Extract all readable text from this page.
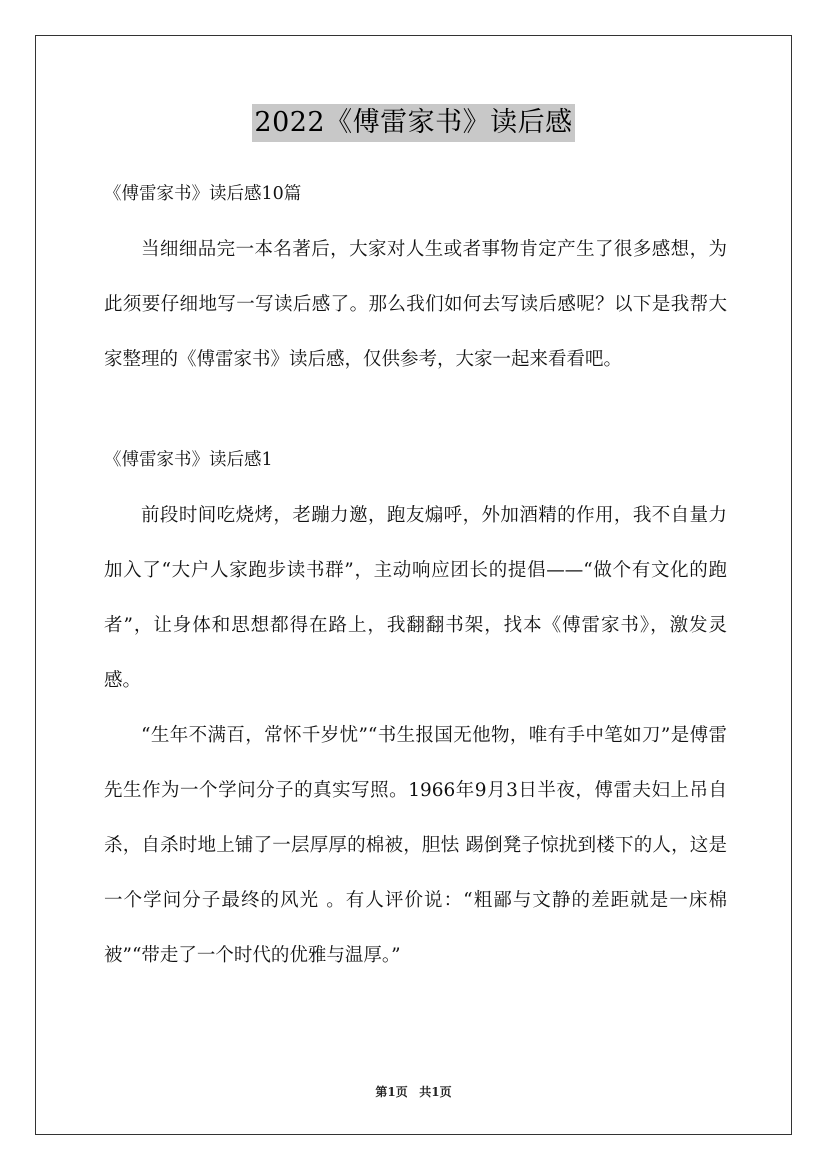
2022《傅雷家书》读后感

《傅雷家书》读后感10篇

当细细品完一本名著后，大家对人生或者事物肯定产生了很多感想，为此须要仔细地写一写读后感了。那么我们如何去写读后感呢？以下是我帮大家整理的《傅雷家书》读后感，仅供参考，大家一起来看看吧。

《傅雷家书》读后感1

前段时间吃烧烤，老蹦力邀，跑友煽呼，外加酒精的作用，我不自量力加入了“大户人家跑步读书群”，主动响应团长的提倡——“做个有文化的跑者”，让身体和思想都得在路上，我翻翻书架，找本《傅雷家书》，激发灵感。

“生年不满百，常怀千岁忧”“书生报国无他物，唯有手中笔如刀”是傅雷先生作为一个学问分子的真实写照。1966年9月3日半夜，傅雷夫妇上吊自杀，自杀时地上铺了一层厚厚的棉被，胆怯 踢倒凳子惊扰到楼下的人，这是一个学问分子最终的风光 。有人评价说：“粗鄙与文静的差距就是一床棉被”“带走了一个时代的优雅与温厚。”

第1页 共1页
